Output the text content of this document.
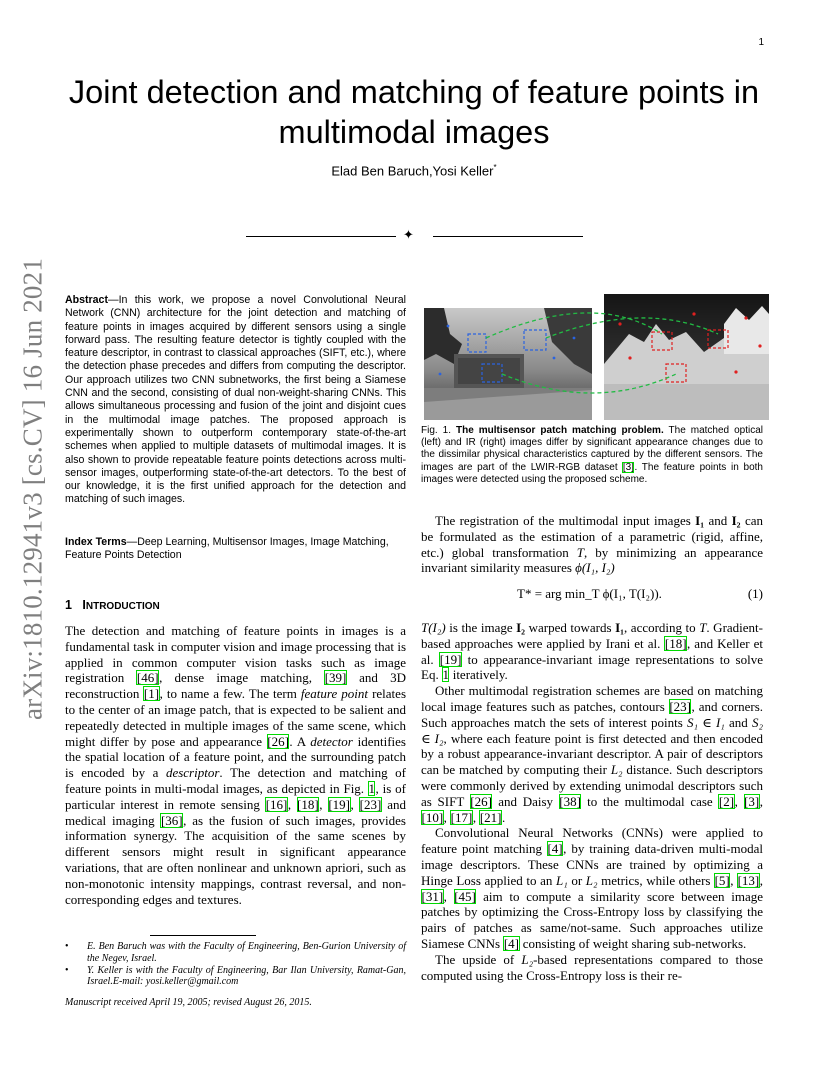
1
Joint detection and matching of feature points in multimodal images
Elad Ben Baruch,Yosi Keller*
✦
arXiv:1810.12941v3 [cs.CV] 16 Jun 2021 Abstract—In this work, we propose a novel Convolutional Neural Network (CNN) architecture for the joint detection and matching of feature points in images acquired by different sensors using a single forward pass. The resulting feature detector is tightly coupled with the feature descriptor, in contrast to classical approaches (SIFT, etc.), where the detection phase precedes and differs from computing the descriptor. Our approach utilizes two CNN subnetworks, the first being a Siamese CNN and the second, consisting of dual non-weight-sharing CNNs. This allows simultaneous processing and fusion of the joint and disjoint cues in the multimodal image patches. The proposed approach is experimentally shown to outperform contemporary state-of-the-art schemes when applied to multiple datasets of multimodal images. It is also shown to provide repeatable feature points detections across multi-sensor images, outperforming state-of-the-art detectors. To the best of our knowledge, it is the first unified approach for the detection and matching of such images.
Index Terms—Deep Learning, Multisensor Images, Image Matching, Feature Points Detection
1 INTRODUCTION

The detection and matching of feature points in images is a fundamental task in computer vision and image processing that is applied in common computer vision tasks such as image registration [46], dense image matching, [39] and 3D reconstruction [1], to name a few. The term feature point relates to the center of an image patch, that is expected to be salient and repeatedly detected in multiple images of the same scene, which might differ by pose and appearance [26]. A detector identifies the spatial location of a feature point, and the surrounding patch is encoded by a descriptor. The detection and matching of feature points in multi-modal images, as depicted in Fig. 1, is of particular interest in remote sensing [16], [18], [19], [23] and medical imaging [36], as the fusion of such images, provides information synergy. The acquisition of the same scenes by different sensors might result in significant appearance variations, that are often nonlinear and unknown apriori, such as non-monotonic intensity mappings, contrast reversal, and non-corresponding edges and textures.

• E. Ben Baruch was with the Faculty of Engineering, Ben-Gurion University of the Negev, Israel.
• Y. Keller is with the Faculty of Engineering, Bar Ilan University, Ramat-Gan, Israel.E-mail: yosi.keller@gmail.com
Manuscript received April 19, 2005; revised August 26, 2015.
Fig. 1. The multisensor patch matching problem. The matched optical (left) and IR (right) images differ by significant appearance changes due to the dissimilar physical characteristics captured by the different sensors. The images are part of the LWIR-RGB dataset [3]. The feature points in both images were detected using the proposed scheme.

The registration of the multimodal input images I₁ and I₂ can be formulated as the estimation of a parametric (rigid, affine, etc.) global transformation T, by minimizing an appearance invariant similarity measures ϕ(I₁, I₂)

T* = arg min_T ϕ(I₁, T(I₂)).	(1)

T(I₂) is the image I₂ warped towards I₁, according to T. Gradient-based approaches were applied by Irani et al. [18], and Keller et al. [19] to appearance-invariant image representations to solve Eq. 1 iteratively.

Other multimodal registration schemes are based on matching local image features such as patches, contours [23], and corners. Such approaches match the sets of interest points S₁ ∈ I₁ and S₂ ∈ I₂, where each feature point is first detected and then encoded by a robust appearance-invariant descriptor. A pair of descriptors can be matched by computing their L₂ distance. Such descriptors were commonly derived by extending unimodal descriptors such as SIFT [26] and Daisy [38] to the multimodal case [2], [3], [10], [17], [21].

Convolutional Neural Networks (CNNs) were applied to feature point matching [4], by training data-driven multi-modal image descriptors. These CNNs are trained by optimizing a Hinge Loss applied to an L₁ or L₂ metrics, while others [5], [13], [31], [45] aim to compute a similarity score between image patches by optimizing the Cross-Entropy loss by classifying the pairs of patches as same/not-same. Such approaches utilize Siamese CNNs [4] consisting of weight sharing sub-networks.

The upside of L₂-based representations compared to those computed using the Cross-Entropy loss is their re-
